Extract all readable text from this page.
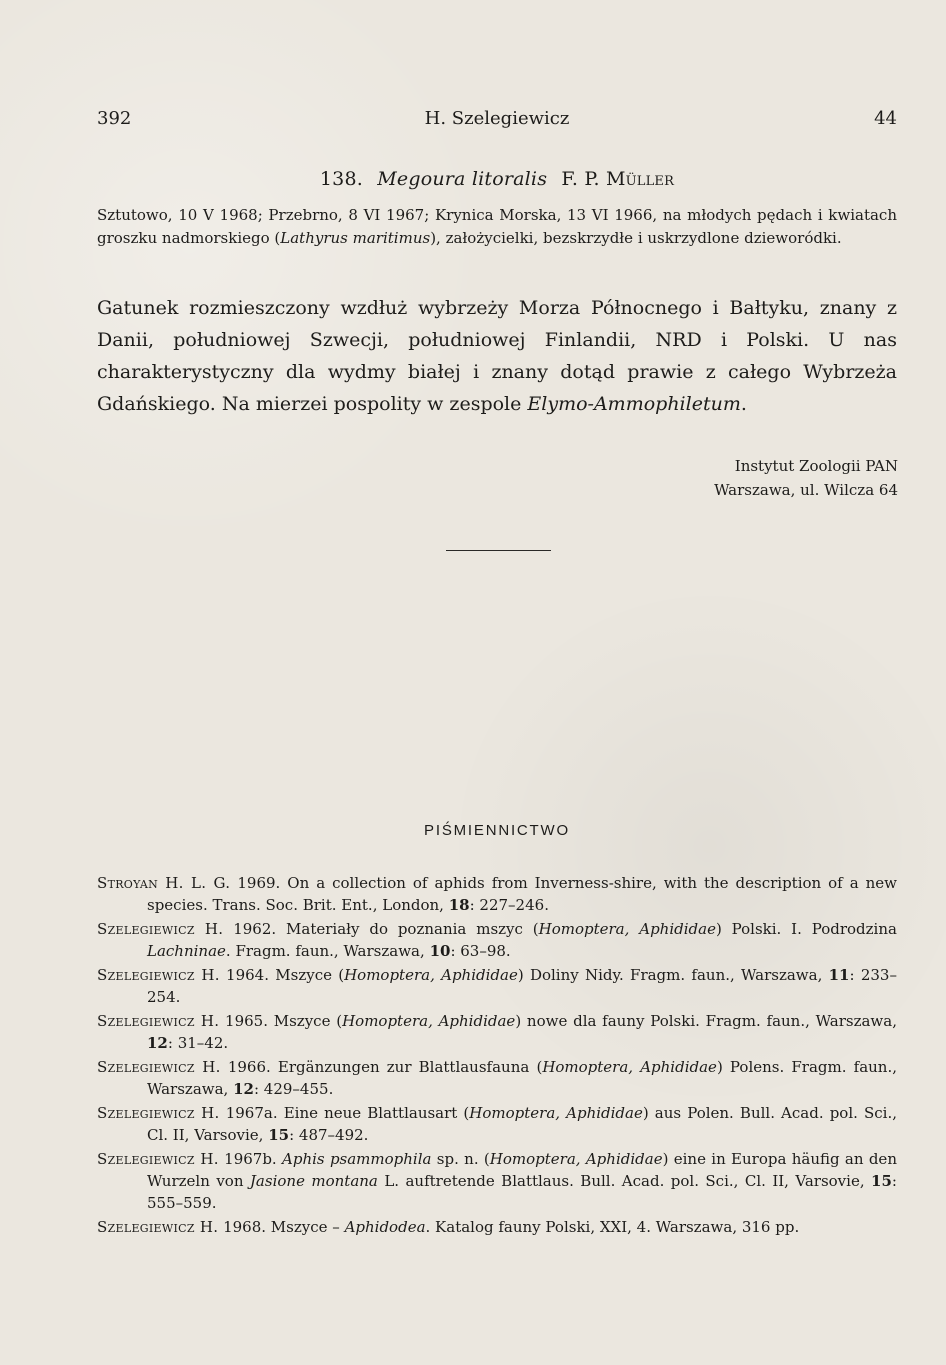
392	H. Szelegiewicz	44
138. Megoura litoralis F. P. Müller
Sztutowo, 10 V 1968; Przebrno, 8 VI 1967; Krynica Morska, 13 VI 1966, na młodych pędach i kwiatach groszku nadmorskiego (Lathyrus maritimus), założycielki, bezskrzydłe i uskrzydlone dzieworódki.
Gatunek rozmieszczony wzdłuż wybrzeży Morza Północnego i Bałtyku, znany z Danii, południowej Szwecji, południowej Finlandii, NRD i Polski. U nas charakterystyczny dla wydmy białej i znany dotąd prawie z całego Wybrzeża Gdańskiego. Na mierzei pospolity w zespole Elymo-Ammophiletum.
Instytut Zoologii PAN
Warszawa, ul. Wilcza 64
PIŚMIENNICTWO

Stroyan H. L. G. 1969. On a collection of aphids from Inverness-shire, with the description of a new species. Trans. Soc. Brit. Ent., London, 18: 227–246.

Szelegiewicz H. 1962. Materiały do poznania mszyc (Homoptera, Aphididae) Polski. I. Podrodzina Lachninae. Fragm. faun., Warszawa, 10: 63–98.

Szelegiewicz H. 1964. Mszyce (Homoptera, Aphididae) Doliny Nidy. Fragm. faun., Warszawa, 11: 233–254.

Szelegiewicz H. 1965. Mszyce (Homoptera, Aphididae) nowe dla fauny Polski. Fragm. faun., Warszawa, 12: 31–42.

Szelegiewicz H. 1966. Ergänzungen zur Blattlausfauna (Homoptera, Aphididae) Polens. Fragm. faun., Warszawa, 12: 429–455.

Szelegiewicz H. 1967a. Eine neue Blattlausart (Homoptera, Aphididae) aus Polen. Bull. Acad. pol. Sci., Cl. II, Varsovie, 15: 487–492.

Szelegiewicz H. 1967b. Aphis psammophila sp. n. (Homoptera, Aphididae) eine in Europa häufig an den Wurzeln von Jasione montana L. auftretende Blattlaus. Bull. Acad. pol. Sci., Cl. II, Varsovie, 15: 555–559.

Szelegiewicz H. 1968. Mszyce – Aphidodea. Katalog fauny Polski, XXI, 4. Warszawa, 316 pp.
